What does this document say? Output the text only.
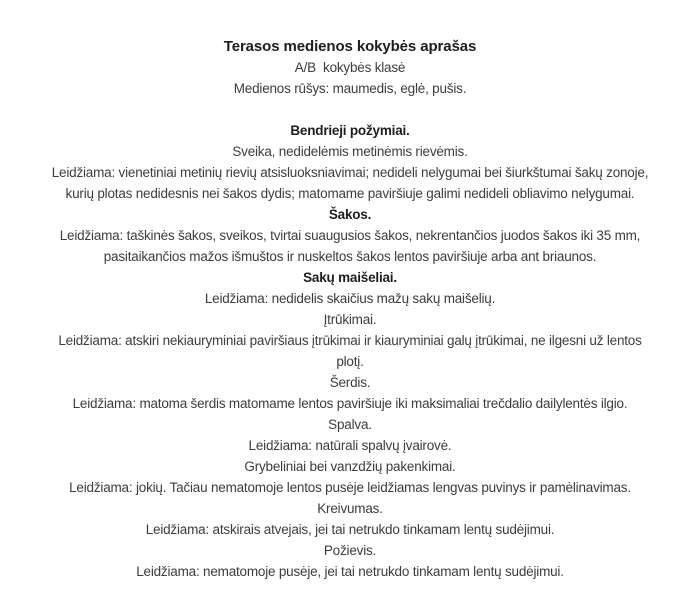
Terasos medienos kokybės aprašas
A/B  kokybės klasė
Medienos rūšys: maumedis, eglė, pušis.
Bendrieji požymiai.
Sveika, nedidelėmis metinėmis rievėmis.
Leidžiama: vienetiniai metinių rievių atsisluoksniavimai; nedideli nelygumai bei šiurkštumai šakų zonoje,
kurių plotas nedidesnis nei šakos dydis; matomame paviršiuje galimi nedideli obliavimo nelygumai.
Šakos.
Leidžiama: taškinės šakos, sveikos, tvirtai suaugusios šakos, nekrentančios juodos šakos iki 35 mm,
pasitaikančios mažos išmuštos ir nuskeltos šakos lentos paviršiuje arba ant briaunos.
Sakų maišeliai.
Leidžiama: nedidelis skaičius mažų sakų maišelių.
Įtrūkimai.
Leidžiama: atskiri nekiauryminiai paviršiaus įtrūkimai ir kiauryminiai galų įtrūkimai, ne ilgesni už lentos
plotį.
Šerdis.
Leidžiama: matoma šerdis matomame lentos paviršiuje iki maksimaliai trečdalio dailylentės ilgio.
Spalva.
Leidžiama: natūrali spalvų įvairovė.
Grybeliniai bei vanzdžių pakenkimai.
Leidžiama: jokių. Tačiau nematomoje lentos pusėje leidžiamas lengvas puvinys ir pamėlinavimas.
Kreivumas.
Leidžiama: atskirais atvejais, jei tai netrukdo tinkamam lentų sudėjimui.
Požievis.
Leidžiama: nematomoje pusėje, jei tai netrukdo tinkamam lentų sudėjimui.
